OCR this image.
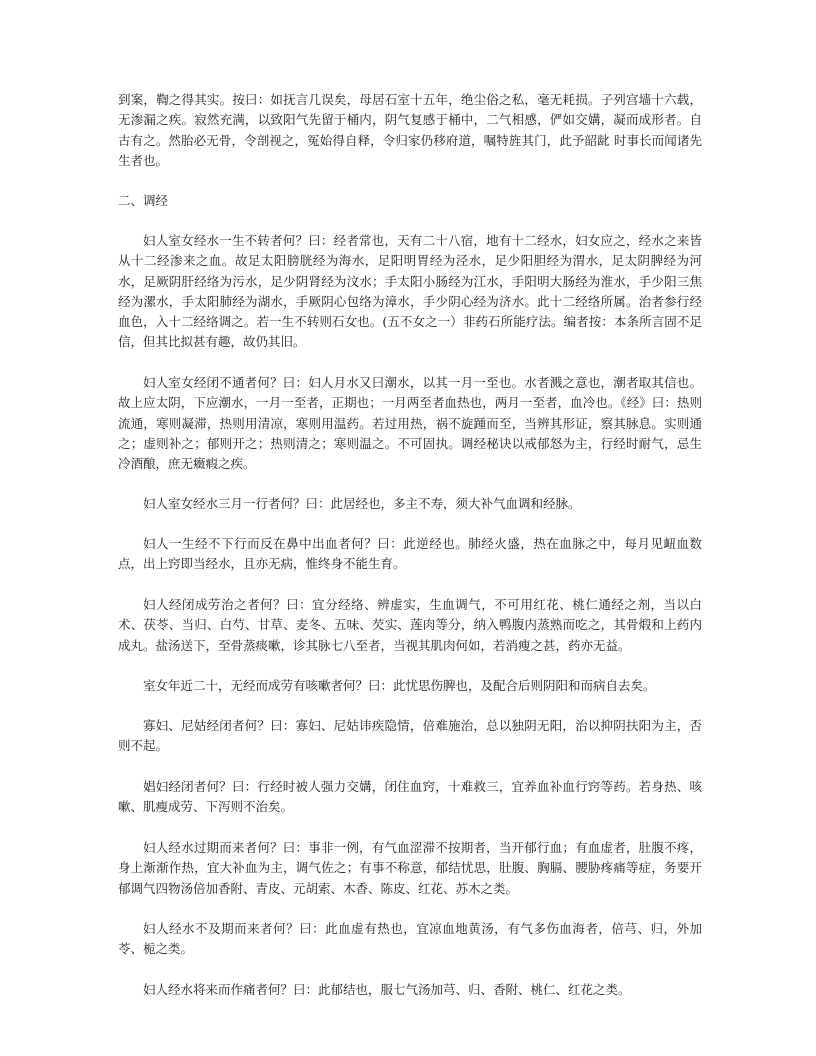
到案，鞫之得其实。按曰：如抚言几误矣，母居石室十五年，绝尘俗之私，毫无耗损。子列宫墙十六载，无渗漏之疾。寂然充满，以致阳气先留于桶内，阴气复感于桶中，二气相感，俨如交媾，凝而成形者。自古有之。然胎必无骨，令剖视之，冤始得自释，令归家仍移府道，嘱特旌其门，此予韶龀 时事长而闻诸先生者也。

二、调经

妇人室女经水一生不转者何？曰：经者常也，天有二十八宿，地有十二经水，妇女应之，经水之来皆从十二经渗来之血。故足太阳膀胱经为海水，足阳明胃经为泾水，足少阳胆经为渭水，足太阴脾经为河水，足厥阴肝经络为污水，足少阴肾经为汶水；手太阳小肠经为江水，手阳明大肠经为淮水，手少阳三焦经为漯水，手太阳肺经为湖水，手厥阴心包络为漳水，手少阴心经为济水。此十二经络所属。治者参行经血色，入十二经络调之。若一生不转则石女也。(五不女之一）非药石所能疗法。编者按：本条所言固不足信，但其比拟甚有趣，故仍其旧。

妇人室女经闭不通者何？曰：妇人月水又曰潮水，以其一月一至也。水者溅之意也，潮者取其信也。故上应太阴，下应潮水，一月一至者，正期也；一月两至者血热也，两月一至者，血冷也。《经》曰：热则流通，寒则凝滞，热则用清凉，寒则用温药。若过用热，祸不旋踵而至，当辨其形证，察其脉息。实则通之；虚则补之；郁则开之；热则清之；寒则温之。不可固执。调经秘诀以戒郁怒为主，行经时耐气，忌生冷酒酿，庶无癥瘕之疾。

妇人室女经水三月一行者何？曰：此居经也，多主不寿，须大补气血调和经脉。

妇人一生经不下行而反在鼻中出血者何？曰：此逆经也。肺经火盛，热在血脉之中，每月见衄血数点，出上窍即当经水，且亦无病，惟终身不能生育。

妇人经闭成劳治之者何？曰：宜分经络、辨虚实，生血调气，不可用红花、桃仁通经之剂，当以白术、茯苓、当归、白芍、甘草、麦冬、五味、芡实、莲肉等分，纳入鸭腹内蒸熟而吃之，其骨煅和上药内成丸。盐汤送下，至骨蒸痰嗽，诊其脉七八至者，当视其肌肉何如，若消瘦之甚，药亦无益。

室女年近二十，无经而成劳有咳嗽者何？曰：此忧思伤脾也，及配合后则阴阳和而病自去矣。

寡妇、尼姑经闭者何？曰：寡妇、尼姑讳疾隐情，倍难施治，总以独阴无阳，治以抑阴扶阳为主，否则不起。

娼妇经闭者何？曰：行经时被人强力交媾，闭住血窍，十难救三，宜养血补血行窍等药。若身热、咳嗽、肌瘦成劳、下泻则不治矣。

妇人经水过期而来者何？曰：事非一例，有气血涩滞不按期者，当开郁行血；有血虚者，肚腹不疼，身上渐渐作热，宜大补血为主，调气佐之；有事不称意，郁结忧思，肚腹、胸膈、腰胁疼痛等症，务要开郁调气四物汤倍加香附、青皮、元胡索、木香、陈皮、红花、苏木之类。

妇人经水不及期而来者何？曰：此血虚有热也，宜凉血地黄汤，有气多伤血海者，倍芎、归，外加苓、栀之类。

妇人经水将来而作痛者何？曰：此郁结也，服七气汤加芎、归、香附、桃仁、红花之类。
